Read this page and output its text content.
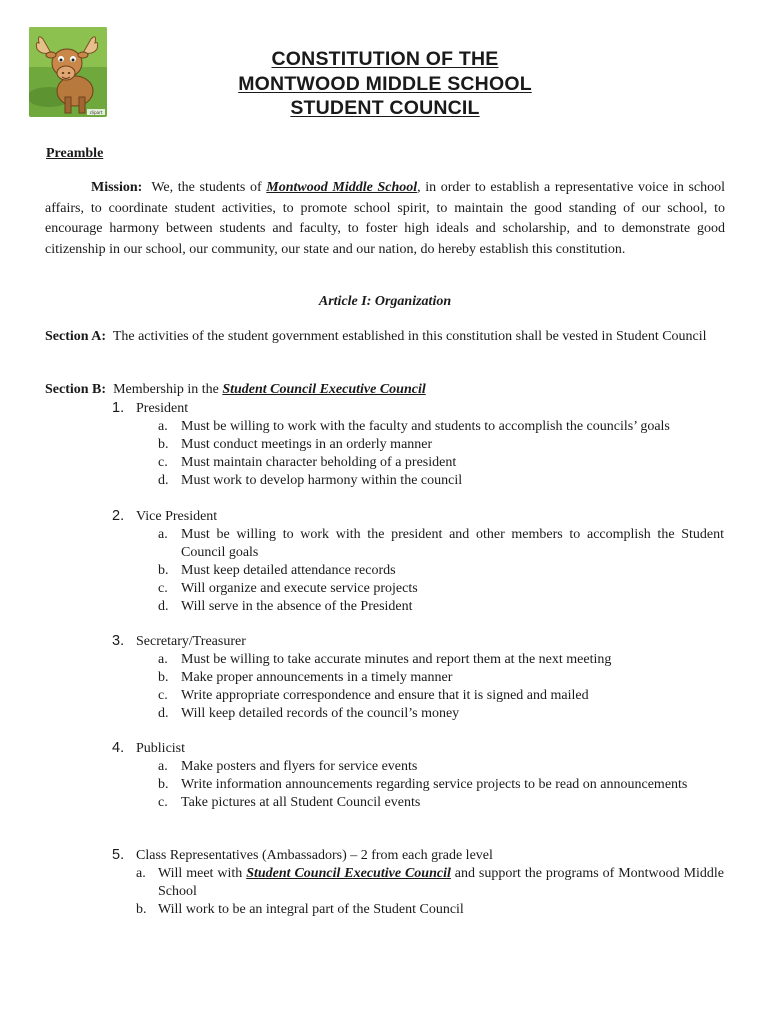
clipart
CONSTITUTION OF THE
MONTWOOD MIDDLE SCHOOL
STUDENT COUNCIL
Preamble
Mission: We, the students of Montwood Middle School, in order to establish a representative voice in school affairs, to coordinate student activities, to promote school spirit, to maintain the good standing of our school, to encourage harmony between students and faculty, to foster high ideals and scholarship, and to demonstrate good citizenship in our school, our community, our state and our nation, do hereby establish this constitution.
Article I: Organization
Section A: The activities of the student government established in this constitution shall be vested in Student Council
Section B: Membership in the Student Council Executive Council
1. President
a. Must be willing to work with the faculty and students to accomplish the councils’ goals
b. Must conduct meetings in an orderly manner
c. Must maintain character beholding of a president
d. Must work to develop harmony within the council
2. Vice President
a. Must be willing to work with the president and other members to accomplish the Student Council goals
b. Must keep detailed attendance records
c. Will organize and execute service projects
d. Will serve in the absence of the President
3. Secretary/Treasurer
a. Must be willing to take accurate minutes and report them at the next meeting
b. Make proper announcements in a timely manner
c. Write appropriate correspondence and ensure that it is signed and mailed
d. Will keep detailed records of the council’s money
4. Publicist
a. Make posters and flyers for service events
b. Write information announcements regarding service projects to be read on announcements
c. Take pictures at all Student Council events
5. Class Representatives (Ambassadors) – 2 from each grade level
a. Will meet with Student Council Executive Council and support the programs of Montwood Middle School
b. Will work to be an integral part of the Student Council
